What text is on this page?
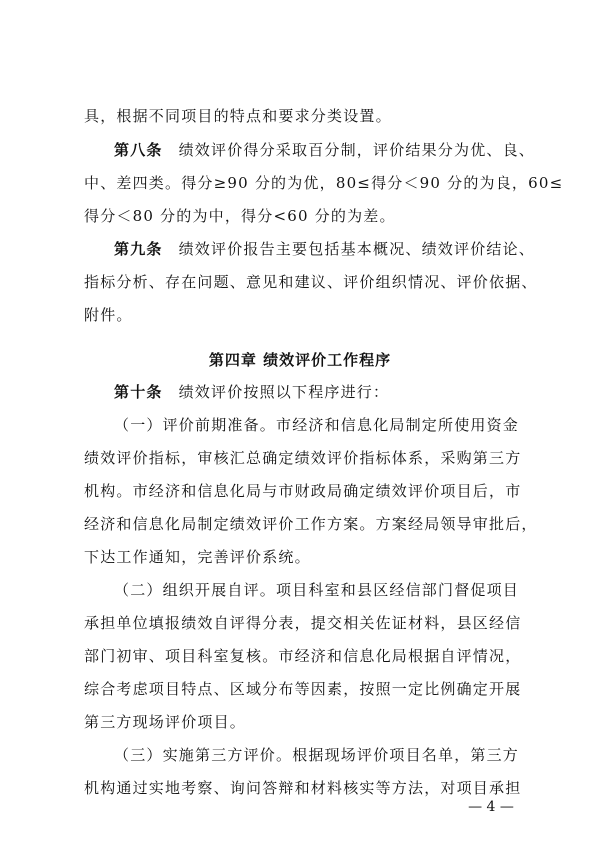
具，根据不同项目的特点和要求分类设置。
第八条 绩效评价得分采取百分制，评价结果分为优、良、
中、差四类。得分≥90 分的为优，80≤得分＜90 分的为良，60≤
得分＜80 分的为中，得分<60 分的为差。
第九条 绩效评价报告主要包括基本概况、绩效评价结论、
指标分析、存在问题、意见和建议、评价组织情况、评价依据、
附件。
第四章 绩效评价工作程序
第十条 绩效评价按照以下程序进行：
（一）评价前期准备。市经济和信息化局制定所使用资金
绩效评价指标，审核汇总确定绩效评价指标体系，采购第三方
机构。市经济和信息化局与市财政局确定绩效评价项目后，市
经济和信息化局制定绩效评价工作方案。方案经局领导审批后，
下达工作通知，完善评价系统。
（二）组织开展自评。项目科室和县区经信部门督促项目
承担单位填报绩效自评得分表，提交相关佐证材料，县区经信
部门初审、项目科室复核。市经济和信息化局根据自评情况，
综合考虑项目特点、区域分布等因素，按照一定比例确定开展
第三方现场评价项目。
（三）实施第三方评价。根据现场评价项目名单，第三方
机构通过实地考察、询问答辩和材料核实等方法，对项目承担
— 4 —
